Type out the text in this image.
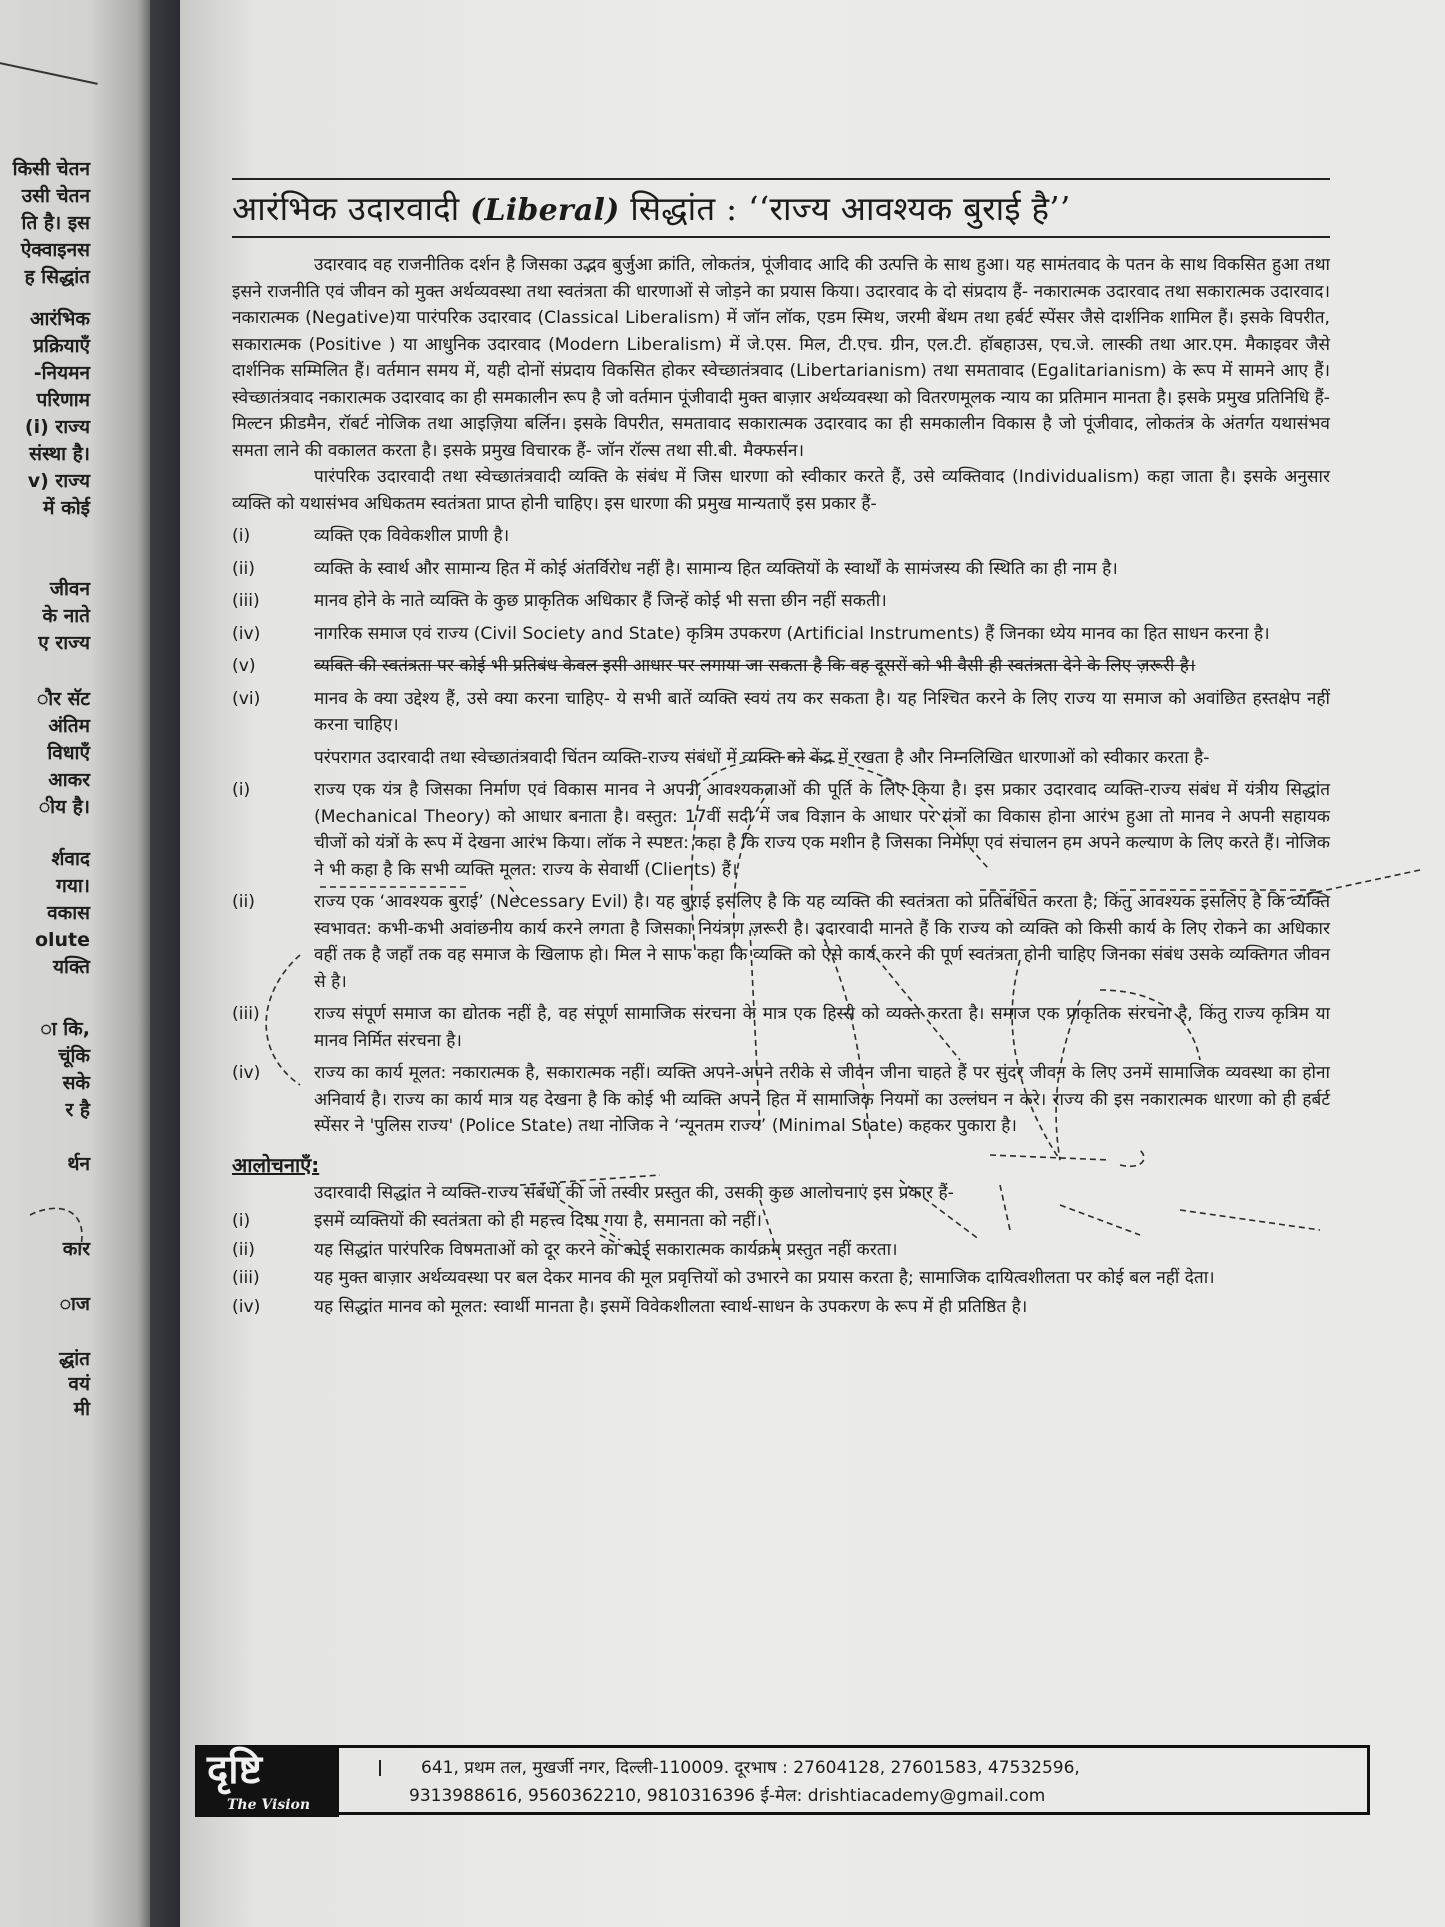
किसी चेतन
उसी चेतन
ति है। इस
ऐक्वाइनस
ह सिद्धांत
आरंभिक
प्रक्रियाएँ
-नियमन
परिणाम
(i) राज्य
संस्था है।
v) राज्य
में कोई
जीवन
के नाते
ए राज्य
ौर सॅट
अंतिम
विधाएँ
आकर
ीय है।
र्शवाद
गया।
वकास
olute
यक्ति
ा कि,
चूंकि
सके
र है
र्थन
कार
ाज
द्धांत
वयं
मी
आरंभिक उदारवादी (Liberal) सिद्धांत : ‘‘राज्य आवश्यक बुराई है’’

उदारवाद वह राजनीतिक दर्शन है जिसका उद्भव बुर्जुआ क्रांति, लोकतंत्र, पूंजीवाद आदि की उत्पत्ति के साथ हुआ। यह सामंतवाद के पतन के साथ विकसित हुआ तथा इसने राजनीति एवं जीवन को मुक्त अर्थव्यवस्था तथा स्वतंत्रता की धारणाओं से जोड़ने का प्रयास किया। उदारवाद के दो संप्रदाय हैं- नकारात्मक उदारवाद तथा सकारात्मक उदारवाद। नकारात्मक (Negative)या पारंपरिक उदारवाद (Classical Liberalism) में जॉन लॉक, एडम स्मिथ, जरमी बेंथम तथा हर्बर्ट स्पेंसर जैसे दार्शनिक शामिल हैं। इसके विपरीत, सकारात्मक (Positive ) या आधुनिक उदारवाद (Modern Liberalism) में जे.एस. मिल, टी.एच. ग्रीन, एल.टी. हॉबहाउस, एच.जे. लास्की तथा आर.एम. मैकाइवर जैसे दार्शनिक सम्मिलित हैं। वर्तमान समय में, यही दोनों संप्रदाय विकसित होकर स्वेच्छातंत्रवाद (Libertarianism) तथा समतावाद (Egalitarianism) के रूप में सामने आए हैं। स्वेच्छातंत्रवाद नकारात्मक उदारवाद का ही समकालीन रूप है जो वर्तमान पूंजीवादी मुक्त बाज़ार अर्थव्यवस्था को वितरणमूलक न्याय का प्रतिमान मानता है। इसके प्रमुख प्रतिनिधि हैं- मिल्टन फ्रीडमैन, रॉबर्ट नोजिक तथा आइज़िया बर्लिन। इसके विपरीत, समतावाद सकारात्मक उदारवाद का ही समकालीन विकास है जो पूंजीवाद, लोकतंत्र के अंतर्गत यथासंभव समता लाने की वकालत करता है। इसके प्रमुख विचारक हैं- जॉन रॉल्स तथा सी.बी. मैक्फर्सन।

पारंपरिक उदारवादी तथा स्वेच्छातंत्रवादी व्यक्ति के संबंध में जिस धारणा को स्वीकार करते हैं, उसे व्यक्तिवाद (Individualism) कहा जाता है। इसके अनुसार व्यक्ति को यथासंभव अधिकतम स्वतंत्रता प्राप्त होनी चाहिए। इस धारणा की प्रमुख मान्यताएँ इस प्रकार हैं-

(i)	व्यक्ति एक विवेकशील प्राणी है।
(ii)	व्यक्ति के स्वार्थ और सामान्य हित में कोई अंतर्विरोध नहीं है। सामान्य हित व्यक्तियों के स्वार्थों के सामंजस्य की स्थिति का ही नाम है।
(iii)	मानव होने के नाते व्यक्ति के कुछ प्राकृतिक अधिकार हैं जिन्हें कोई भी सत्ता छीन नहीं सकती।
(iv)	नागरिक समाज एवं राज्य (Civil Society and State) कृत्रिम उपकरण (Artificial Instruments) हैं जिनका ध्येय मानव का हित साधन करना है।
(v)	व्यक्ति की स्वतंत्रता पर कोई भी प्रतिबंध केवल इसी आधार पर लगाया जा सकता है कि वह दूसरों को भी वैसी ही स्वतंत्रता देने के लिए ज़रूरी है।
(vi)	मानव के क्या उद्देश्य हैं, उसे क्या करना चाहिए- ये सभी बातें व्यक्ति स्वयं तय कर सकता है। यह निश्चित करने के लिए राज्य या समाज को अवांछित हस्तक्षेप नहीं करना चाहिए।

परंपरागत उदारवादी तथा स्वेच्छातंत्रवादी चिंतन व्यक्ति-राज्य संबंधों में व्यक्ति को केंद्र में रखता है और निम्नलिखित धारणाओं को स्वीकार करता है-

(i)	राज्य एक यंत्र है जिसका निर्माण एवं विकास मानव ने अपनी आवश्यकताओं की पूर्ति के लिए किया है। इस प्रकार उदारवाद व्यक्ति-राज्य संबंध में यंत्रीय सिद्धांत (Mechanical Theory) को आधार बनाता है। वस्तुत: 17वीं सदी में जब विज्ञान के आधार पर यंत्रों का विकास होना आरंभ हुआ तो मानव ने अपनी सहायक चीजों को यंत्रों के रूप में देखना आरंभ किया। लॉक ने स्पष्टत: कहा है कि राज्य एक मशीन है जिसका निर्माण एवं संचालन हम अपने कल्याण के लिए करते हैं। नोजिक ने भी कहा है कि सभी व्यक्ति मूलत: राज्य के सेवार्थी (Clients) हैं।
(ii)	राज्य एक ‘आवश्यक बुराई’ (Necessary Evil) है। यह बुराई इसलिए है कि यह व्यक्ति की स्वतंत्रता को प्रतिबंधित करता है; किंतु आवश्यक इसलिए है कि व्यक्ति स्वभावत: कभी-कभी अवांछनीय कार्य करने लगता है जिसका नियंत्रण ज़रूरी है। उदारवादी मानते हैं कि राज्य को व्यक्ति को किसी कार्य के लिए रोकने का अधिकार वहीं तक है जहाँ तक वह समाज के खिलाफ हो। मिल ने साफ कहा कि व्यक्ति को ऐसे कार्य करने की पूर्ण स्वतंत्रता होनी चाहिए जिनका संबंध उसके व्यक्तिगत जीवन से है।
(iii)	राज्य संपूर्ण समाज का द्योतक नहीं है, वह संपूर्ण सामाजिक संरचना के मात्र एक हिस्से को व्यक्त करता है। समाज एक प्राकृतिक संरचना है, किंतु राज्य कृत्रिम या मानव निर्मित संरचना है।
(iv)	राज्य का कार्य मूलत: नकारात्मक है, सकारात्मक नहीं। व्यक्ति अपने-अपने तरीके से जीवन जीना चाहते हैं पर सुंदर जीवन के लिए उनमें सामाजिक व्यवस्था का होना अनिवार्य है। राज्य का कार्य मात्र यह देखना है कि कोई भी व्यक्ति अपने हित में सामाजिक नियमों का उल्लंघन न करे। राज्य की इस नकारात्मक धारणा को ही हर्बर्ट स्पेंसर ने 'पुलिस राज्य' (Police State) तथा नोजिक ने ‘न्यूनतम राज्य’ (Minimal State) कहकर पुकारा है।
आलोचनाएँ:

उदारवादी सिद्धांत ने व्यक्ति-राज्य संबंधों की जो तस्वीर प्रस्तुत की, उसकी कुछ आलोचनाएं इस प्रकार हैं-

(i)	इसमें व्यक्तियों की स्वतंत्रता को ही महत्त्व दिया गया है, समानता को नहीं।
(ii)	यह सिद्धांत पारंपरिक विषमताओं को दूर करने का कोई सकारात्मक कार्यक्रम प्रस्तुत नहीं करता।
(iii)	यह मुक्त बाज़ार अर्थव्यवस्था पर बल देकर मानव की मूल प्रवृत्तियों को उभारने का प्रयास करता है; सामाजिक दायित्वशीलता पर कोई बल नहीं देता।
(iv)	यह सिद्धांत मानव को मूलत: स्वार्थी मानता है। इसमें विवेकशीलता स्वार्थ-साधन के उपकरण के रूप में ही प्रतिष्ठित है।
दृष्टि
The Vision
641, प्रथम तल, मुखर्जी नगर, दिल्ली-110009. दूरभाष : 27604128, 27601583, 47532596,
9313988616, 9560362210, 9810316396 ई-मेल: drishtiacademy@gmail.com
